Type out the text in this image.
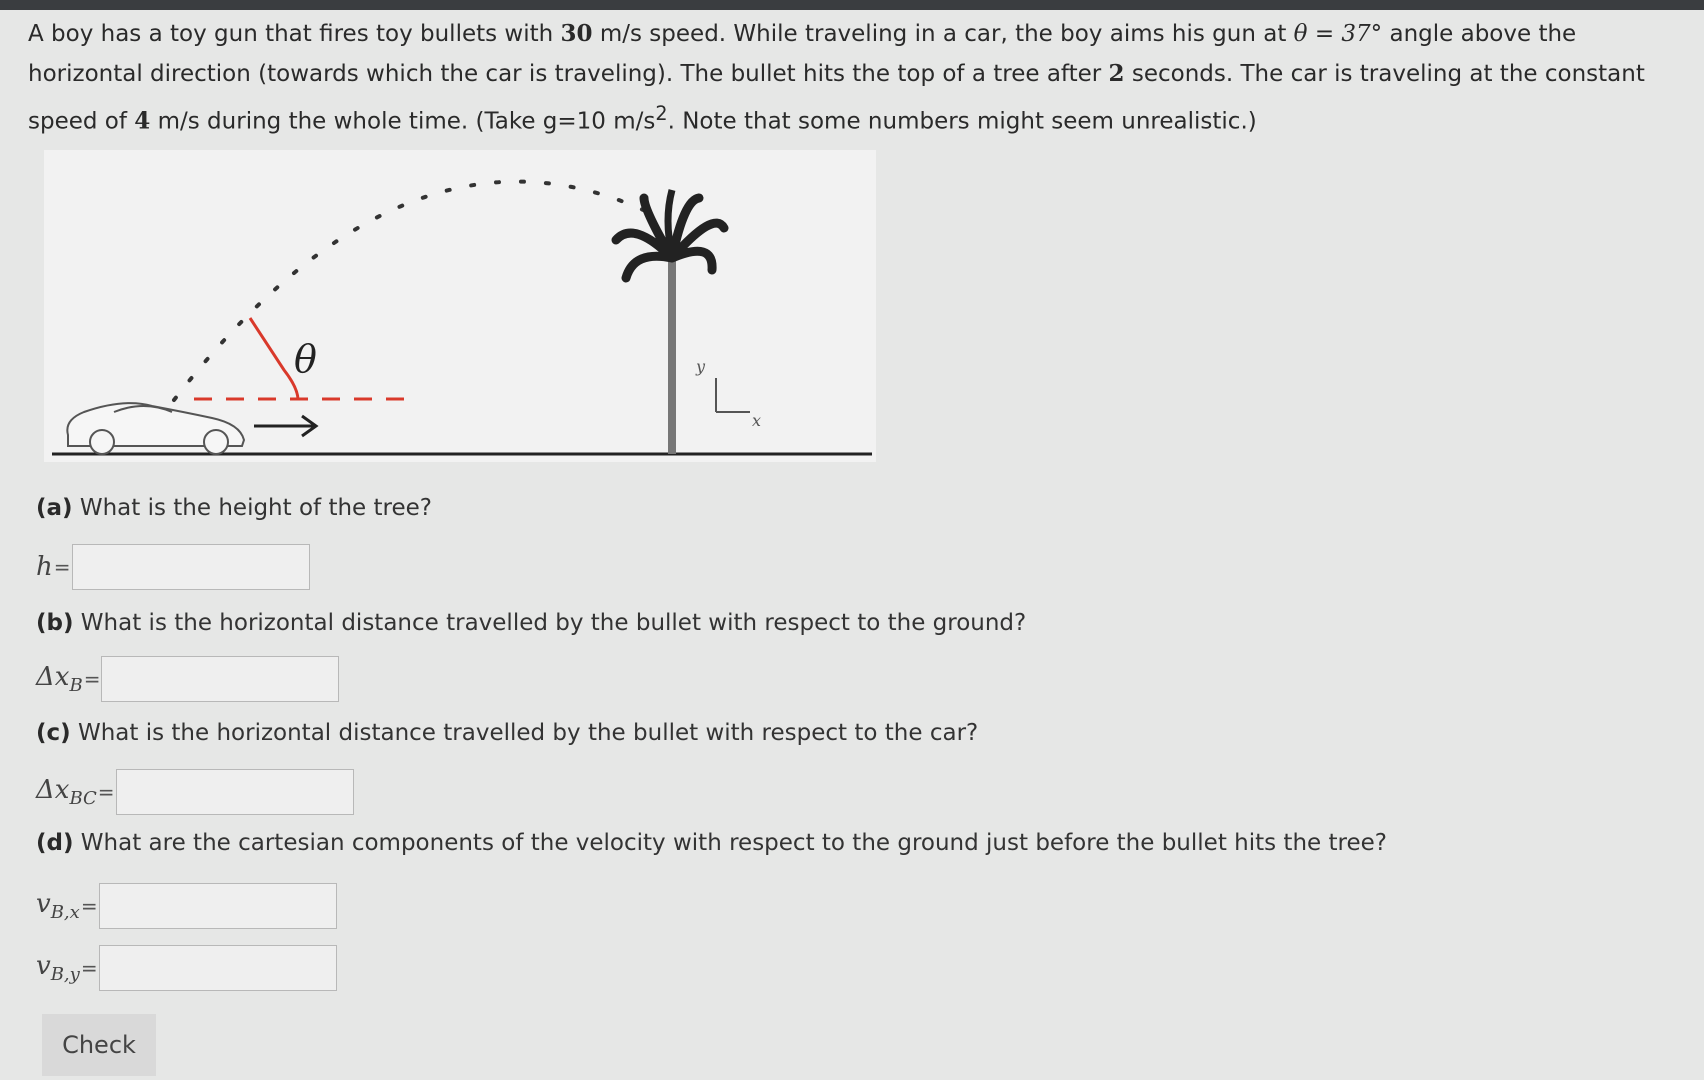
A boy has a toy gun that fires toy bullets with 30 m/s speed. While traveling in a car, the boy aims his gun at θ = 37° angle above the horizontal direction (towards which the car is traveling). The bullet hits the top of a tree after 2 seconds. The car is traveling at the constant speed of 4 m/s during the whole time. (Take g=10 $m/s^2$. Note that some numbers might seem unrealistic.)
θ	y
x
(a) What is the height of the tree?
h =
(b) What is the horizontal distance travelled by the bullet with respect to the ground?
$\Delta x_B$ =
(c) What is the horizontal distance travelled by the bullet with respect to the car?
$\Delta x_{BC}$ =
(d) What are the cartesian components of the velocity with respect to the ground just before the bullet hits the tree?
$v_{B,x}$ =
$v_{B,y}$ =
Check
